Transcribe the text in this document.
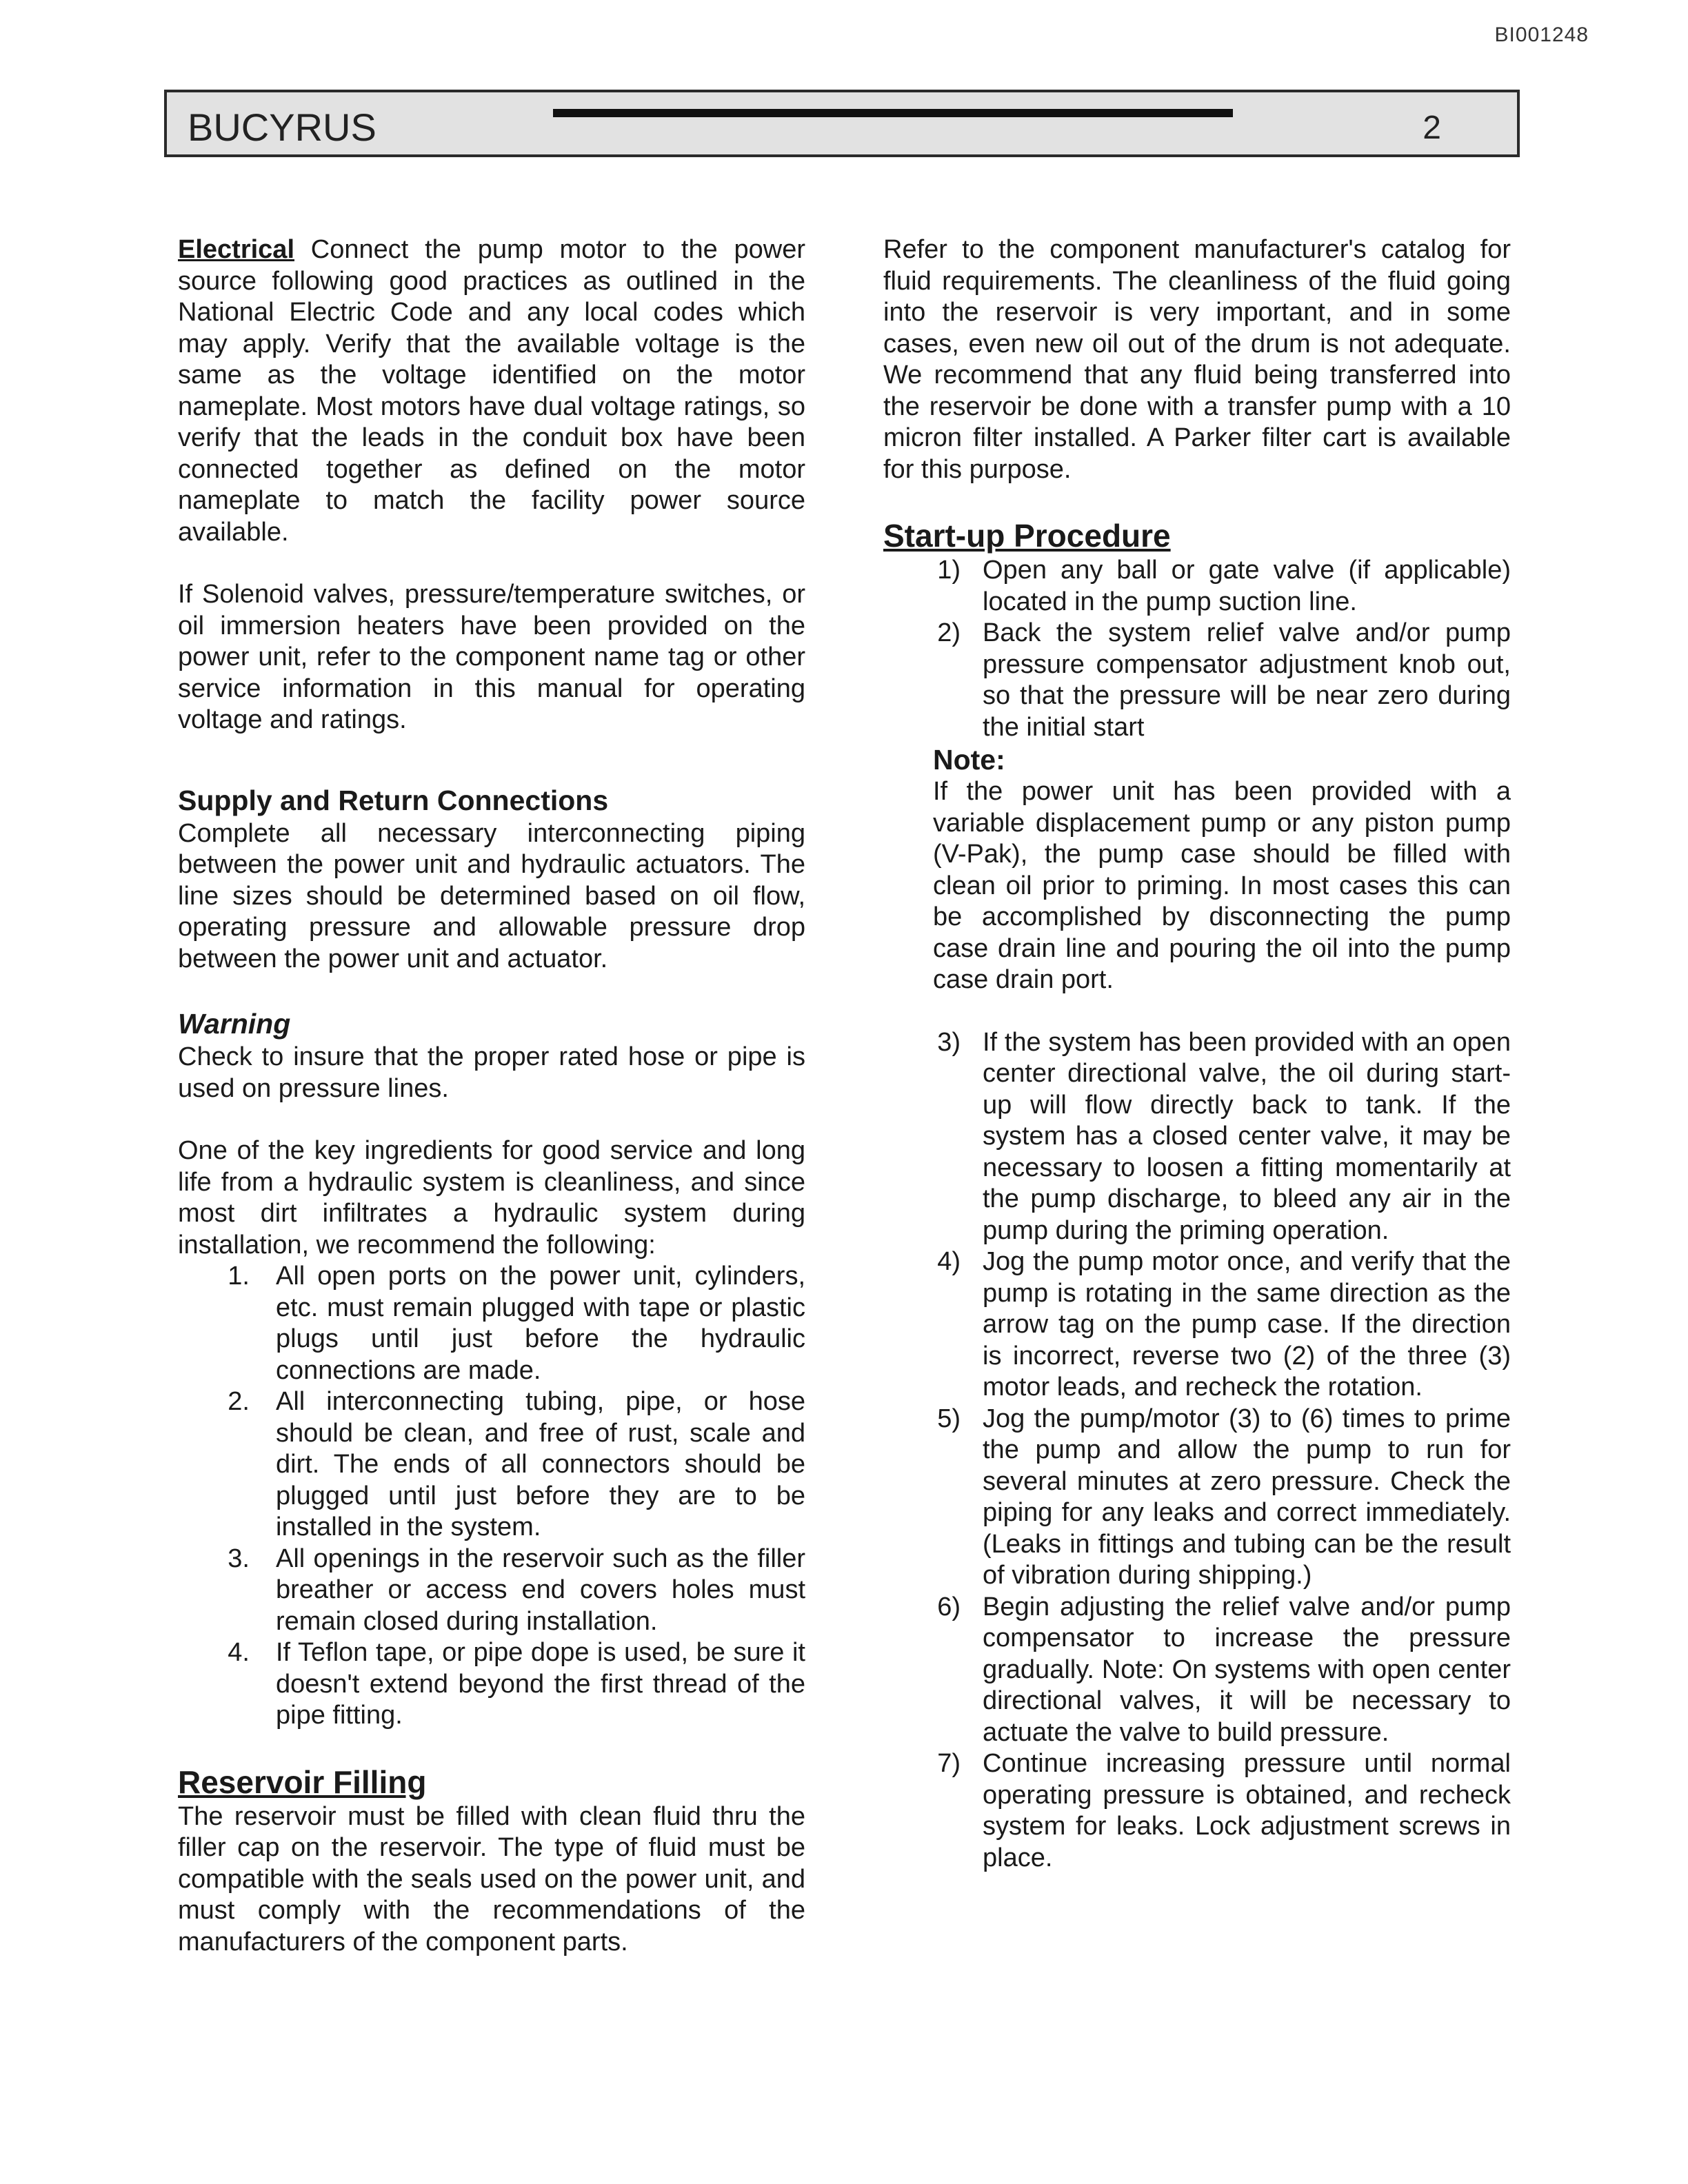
BI001248
BUCYRUS	2

Electrical Connect the pump motor to the power source following good practices as outlined in the National Electric Code and any local codes which may apply. Verify that the available voltage is the same as the voltage identified on the motor nameplate. Most motors have dual voltage ratings, so verify that the leads in the conduit box have been connected together as defined on the motor nameplate to match the facility power source available.

If Solenoid valves, pressure/temperature switches, or oil immersion heaters have been provided on the power unit, refer to the component name tag or other service information in this manual for operating voltage and ratings.

Supply and Return Connections

Complete all necessary interconnecting piping between the power unit and hydraulic actuators. The line sizes should be determined based on oil flow, operating pressure and allowable pressure drop between the power unit and actuator.

Warning

Check to insure that the proper rated hose or pipe is used on pressure lines.

One of the key ingredients for good service and long life from a hydraulic system is cleanliness, and since most dirt infiltrates a hydraulic system during installation, we recommend the following:

1.	All open ports on the power unit, cylinders, etc. must remain plugged with tape or plastic plugs until just before the hydraulic connections are made.
2.	All interconnecting tubing, pipe, or hose should be clean, and free of rust, scale and dirt. The ends of all connectors should be plugged until just before they are to be installed in the system.
3.	All openings in the reservoir such as the filler breather or access end covers holes must remain closed during installation.
4.	If Teflon tape, or pipe dope is used, be sure it doesn't extend beyond the first thread of the pipe fitting.

Reservoir Filling

The reservoir must be filled with clean fluid thru the filler cap on the reservoir. The type of fluid must be compatible with the seals used on the power unit, and must comply with the recommendations of the manufacturers of the component parts.

Refer to the component manufacturer's catalog for fluid requirements. The cleanliness of the fluid going into the reservoir is very important, and in some cases, even new oil out of the drum is not adequate. We recommend that any fluid being transferred into the reservoir be done with a transfer pump with a 10 micron filter installed. A Parker filter cart is available for this purpose.

Start-up Procedure

1) Open any ball or gate valve (if applicable) located in the pump suction line.
2) Back the system relief valve and/or pump pressure compensator adjustment knob out, so that the pressure will be near zero during the initial start

Note:

If the power unit has been provided with a variable displacement pump or any piston pump (V-Pak), the pump case should be filled with clean oil prior to priming. In most cases this can be accomplished by disconnecting the pump case drain line and pouring the oil into the pump case drain port.

3) If the system has been provided with an open center directional valve, the oil during start-up will flow directly back to tank. If the system has a closed center valve, it may be necessary to loosen a fitting momentarily at the pump discharge, to bleed any air in the pump during the priming operation.
4) Jog the pump motor once, and verify that the pump is rotating in the same direction as the arrow tag on the pump case. If the direction is incorrect, reverse two (2) of the three (3) motor leads, and recheck the rotation.
5) Jog the pump/motor (3) to (6) times to prime the pump and allow the pump to run for several minutes at zero pressure. Check the piping for any leaks and correct immediately. (Leaks in fittings and tubing can be the result of vibration during shipping.)
6) Begin adjusting the relief valve and/or pump compensator to increase the pressure gradually. Note: On systems with open center directional valves, it will be necessary to actuate the valve to build pressure.
7) Continue increasing pressure until normal operating pressure is obtained, and recheck system for leaks. Lock adjustment screws in place.
